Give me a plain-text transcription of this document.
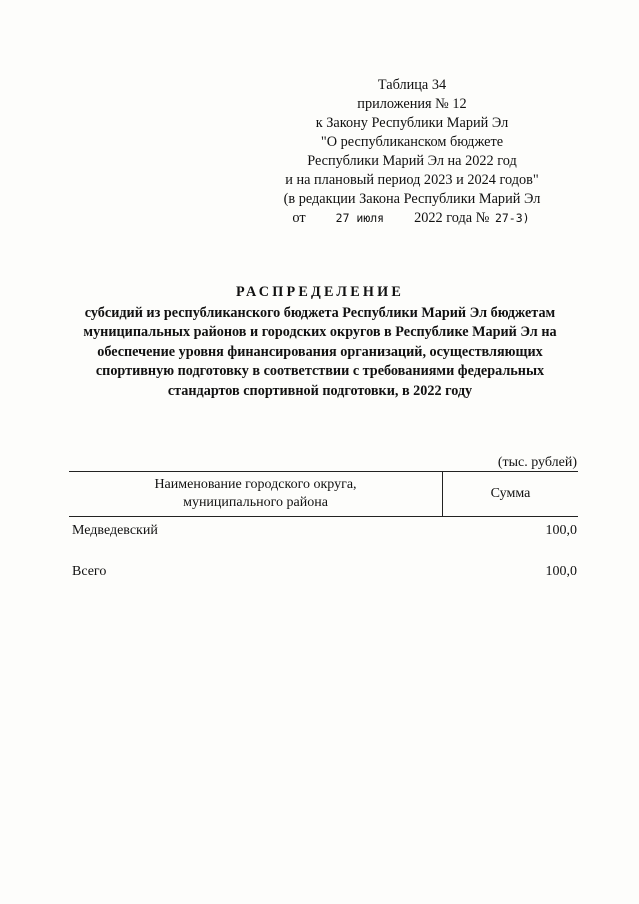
Таблица 34
приложения № 12
к Закону Республики Марий Эл
"О республиканском бюджете
Республики Марий Эл на 2022 год
и на плановый период 2023 и 2024 годов"
(в редакции Закона Республики Марий Эл
от	27 июля 2022 года № 27-З)
РАСПРЕДЕЛЕНИЕ
субсидий из республиканского бюджета Республики Марий Эл бюджетам
муниципальных районов и городских округов в Республике Марий Эл на
обеспечение уровня финансирования организаций, осуществляющих
спортивную подготовку в соответствии с требованиями федеральных
стандартов спортивной подготовки, в 2022 году
(тыс. рублей)
Наименование городского округа,
муниципального района
Сумма
Медведевский	100,0
Всего	100,0
